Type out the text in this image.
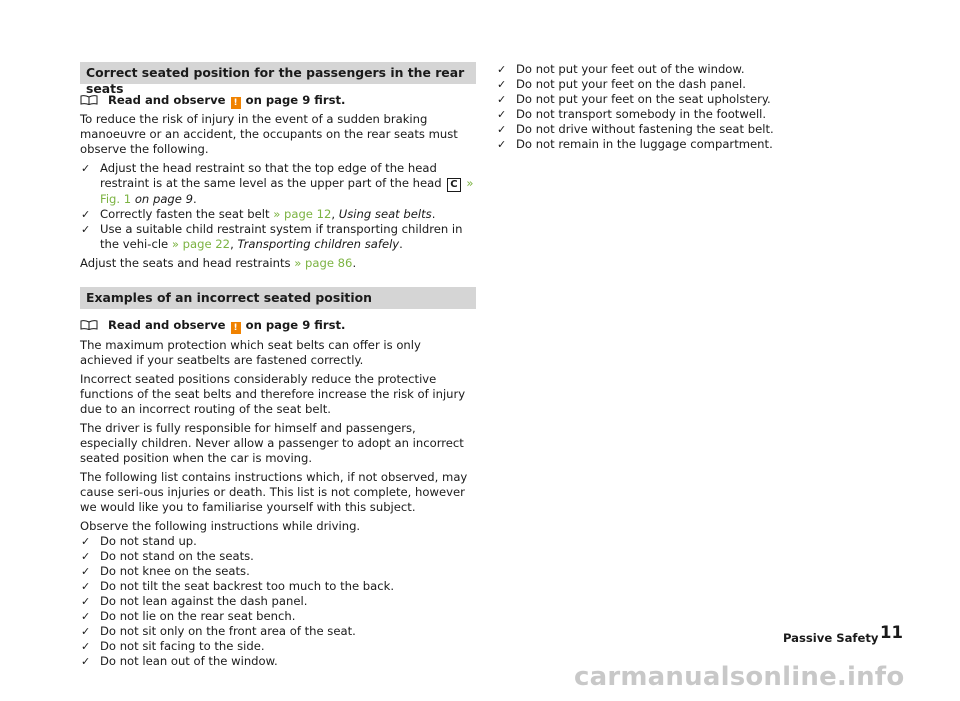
Correct seated position for the passengers in the rear seats
Read and observe ! on page 9 first.

To reduce the risk of injury in the event of a sudden braking manoeuvre or an accident, the occupants on the rear seats must observe the following.

✓ Adjust the head restraint so that the top edge of the head restraint is at the same level as the upper part of the head C » Fig. 1 on page 9.
✓ Correctly fasten the seat belt » page 12, Using seat belts.
✓ Use a suitable child restraint system if transporting children in the vehi-cle » page 22, Transporting children safely.

Adjust the seats and head restraints » page 86.

Examples of an incorrect seated position
Read and observe ! on page 9 first.

The maximum protection which seat belts can offer is only achieved if your seatbelts are fastened correctly.

Incorrect seated positions considerably reduce the protective functions of the seat belts and therefore increase the risk of injury due to an incorrect routing of the seat belt.

The driver is fully responsible for himself and passengers, especially children. Never allow a passenger to adopt an incorrect seated position when the car is moving.

The following list contains instructions which, if not observed, may cause seri-ous injuries or death. This list is not complete, however we would like you to familiarise yourself with this subject.

Observe the following instructions while driving.

✓ Do not stand up.
✓ Do not stand on the seats.
✓ Do not knee on the seats.
✓ Do not tilt the seat backrest too much to the back.
✓ Do not lean against the dash panel.
✓ Do not lie on the rear seat bench.
✓ Do not sit only on the front area of the seat.
✓ Do not sit facing to the side.
✓ Do not lean out of the window.
✓ Do not put your feet out of the window.
✓ Do not put your feet on the dash panel.
✓ Do not put your feet on the seat upholstery.
✓ Do not transport somebody in the footwell.
✓ Do not drive without fastening the seat belt.
✓ Do not remain in the luggage compartment.
Passive Safety 11
carmanualsonline.info
